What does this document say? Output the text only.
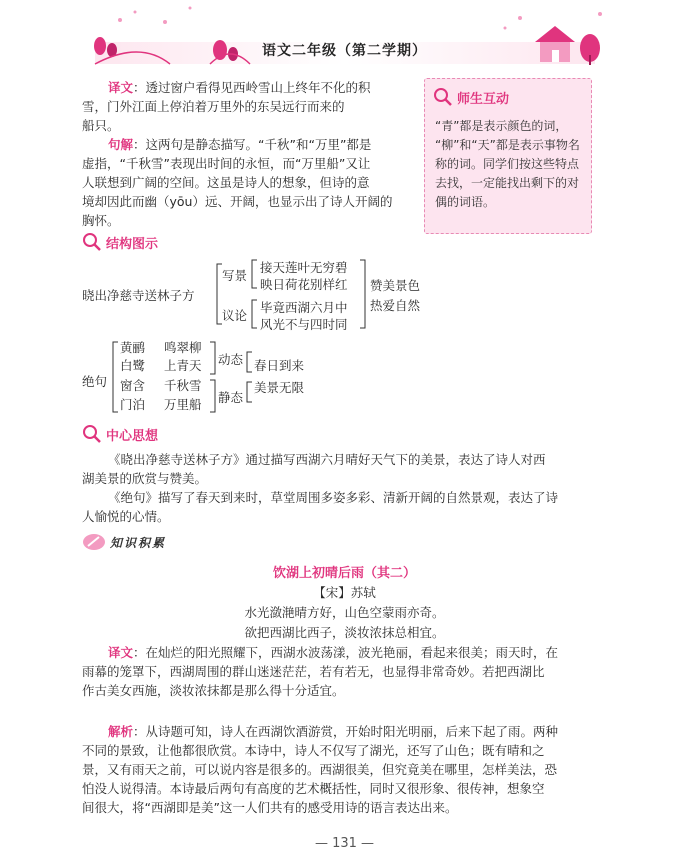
语文二年级（第二学期）
译文：透过窗户看得见西岭雪山上终年不化的积
雪，门外江面上停泊着万里外的东吴远行而来的
船只。
句解：这两句是静态描写。“千秋”和“万里”都是
虚指，“千秋雪”表现出时间的永恒，而“万里船”又让
人联想到广阔的空间。这虽是诗人的想象，但诗的意
境却因此而幽（yōu）远、开阔，也显示出了诗人开阔的
胸怀。
师生互动
“青”都是表示颜色的词，
“柳”和“天”都是表示事物名
称的词。同学们按这些特点
去找，一定能找出剩下的对
偶的词语。
结构图示
晓出净慈寺送林子方
写景
议论
接天莲叶无穷碧
映日荷花别样红
毕竟西湖六月中
风光不与四时同
赞美景色
热爱自然
绝句
黄鹂
白鹭
窗含
门泊
鸣翠柳
上青天
千秋雪
万里船
动态
静态
春日到来
美景无限
中心思想
《晓出净慈寺送林子方》通过描写西湖六月晴好天气下的美景，表达了诗人对西
湖美景的欣赏与赞美。
《绝句》描写了春天到来时，草堂周围多姿多彩、清新开阔的自然景观，表达了诗
人愉悦的心情。
知识积累
饮湖上初晴后雨（其二）
【宋】苏轼
水光潋滟晴方好，山色空蒙雨亦奇。
欲把西湖比西子，淡妆浓抹总相宜。
译文：在灿烂的阳光照耀下，西湖水波荡漾，波光艳丽，看起来很美；雨天时，在
雨幕的笼罩下，西湖周围的群山迷迷茫茫，若有若无，也显得非常奇妙。若把西湖比
作古美女西施，淡妆浓抹都是那么得十分适宜。
解析：从诗题可知，诗人在西湖饮酒游赏，开始时阳光明丽，后来下起了雨。两种
不同的景致，让他都很欣赏。本诗中，诗人不仅写了湖光，还写了山色；既有晴和之
景，又有雨天之前，可以说内容是很多的。西湖很美，但究竟美在哪里，怎样美法，恐
怕没人说得清。本诗最后两句有高度的艺术概括性，同时又很形象、很传神，想象空
间很大，将“西湖即是美”这一人们共有的感受用诗的语言表达出来。
— 131 —
